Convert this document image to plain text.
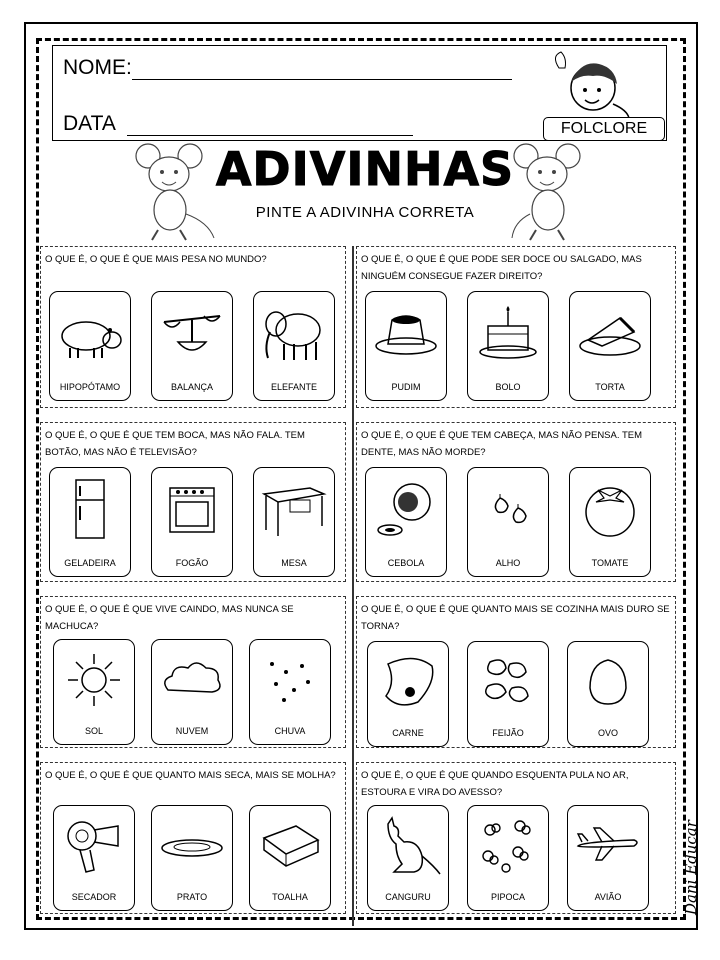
NOME:
DATA	FOLCLORE
ADIVINHAS
PINTE A ADIVINHA CORRETA
O QUE É, O QUE É QUE MAIS PESA NO MUNDO?
HIPOPÓTAMO	BALANÇA	ELEFANTE
O QUE É, O QUE É QUE PODE SER DOCE OU SALGADO, MAS NINGUÉM CONSEGUE FAZER DIREITO?
PUDIM	BOLO	TORTA
O QUE É, O QUE É QUE TEM BOCA, MAS NÃO FALA. TEM BOTÃO, MAS NÃO É TELEVISÃO?
GELADEIRA	FOGÃO	MESA
O QUE É, O QUE É QUE TEM CABEÇA, MAS NÃO PENSA. TEM DENTE, MAS NÃO MORDE?
CEBOLA	ALHO	TOMATE
O QUE É, O QUE É QUE VIVE CAINDO, MAS NUNCA SE MACHUCA?
SOL	NUVEM	CHUVA
O QUE É, O QUE É QUE QUANTO MAIS SE COZINHA MAIS DURO SE TORNA?
CARNE	FEIJÃO	OVO
O QUE É, O QUE É QUE QUANTO MAIS SECA, MAIS SE MOLHA?
SECADOR	PRATO	TOALHA
O QUE É, O QUE É QUE QUANDO ESQUENTA PULA NO AR, ESTOURA E VIRA DO AVESSO?
CANGURU	PIPOCA	AVIÃO	Dani Educar
